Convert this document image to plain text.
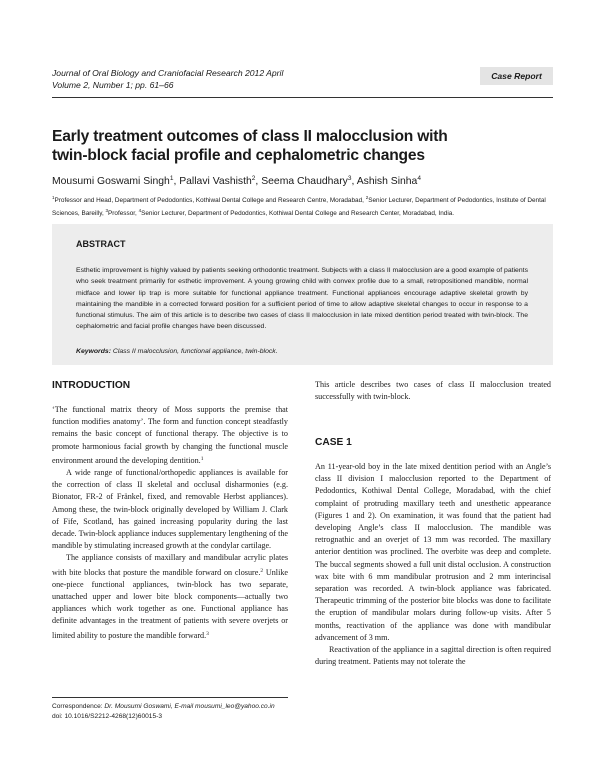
Journal of Oral Biology and Craniofacial Research 2012 April
Volume 2, Number 1; pp. 61–66
Case Report
Early treatment outcomes of class II malocclusion with
twin-block facial profile and cephalometric changes
Mousumi Goswami Singh$^1$, Pallavi Vashisth$^2$, Seema Chaudhary$^3$, Ashish Sinha$^4$
$^1$Professor and Head, Department of Pedodontics, Kothiwal Dental College and Research Centre, Moradabad, $^2$Senior Lecturer, Department of Pedodontics, Institute of Dental Sciences, Bareilly, $^3$Professor, $^4$Senior Lecturer, Department of Pedodontics, Kothiwal Dental College and Research Center, Moradabad, India.
ABSTRACT
Esthetic improvement is highly valued by patients seeking orthodontic treatment. Subjects with a class II malocclusion are a good example of patients who seek treatment primarily for esthetic improvement. A young growing child with convex profile due to a small, retropositioned mandible, normal midface and lower lip trap is more suitable for functional appliance treatment. Functional appliances encourage adaptive skeletal growth by maintaining the mandible in a corrected forward position for a sufficient period of time to allow adaptive skeletal changes to occur in response to a functional stimulus. The aim of this article is to describe two cases of class II malocclusion in late mixed dentition period treated with twin-block. The cephalometric and facial profile changes have been discussed.
Keywords: Class II malocclusion, functional appliance, twin-block.
INTRODUCTION

‘The functional matrix theory of Moss supports the premise that function modifies anatomy’. The form and function concept steadfastly remains the basic concept of functional therapy. The objective is to promote harmonious facial growth by changing the functional muscle environment around the developing dentition.$^1$

A wide range of functional/orthopedic appliances is available for the correction of class II skeletal and occlusal disharmonies (e.g. Bionator, FR-2 of Fränkel, fixed, and removable Herbst appliances). Among these, the twin-block originally developed by William J. Clark of Fife, Scotland, has gained increasing popularity during the last decade. Twin-block appliance induces supplementary lengthening of the mandible by stimulating increased growth at the condylar cartilage.

The appliance consists of maxillary and mandibular acrylic plates with bite blocks that posture the mandible forward on closure.$^2$ Unlike one-piece functional appliances, twin-block has two separate, unattached upper and lower bite block components—actually two appliances which work together as one. Functional appliance has definite advantages in the treatment of patients with severe overjets or limited ability to posture the mandible forward.$^3$

This article describes two cases of class II malocclusion treated successfully with twin-block.
CASE 1

An 11-year-old boy in the late mixed dentition period with an Angle’s class II division I malocclusion reported to the Department of Pedodontics, Kothiwal Dental College, Moradabad, with the chief complaint of protruding maxillary teeth and unesthetic appearance (Figures 1 and 2). On examination, it was found that the patient had developing Angle’s class II malocclusion. The mandible was retrognathic and an overjet of 13 mm was recorded. The maxillary anterior dentition was proclined. The overbite was deep and complete. The buccal segments showed a full unit distal occlusion. A construction wax bite with 6 mm mandibular protrusion and 2 mm interincisal separation was recorded. A twin-block appliance was fabricated. Therapeutic trimming of the posterior bite blocks was done to facilitate the eruption of mandibular molars during follow-up visits. After 5 months, reactivation of the appliance was done with mandibular advancement of 3 mm.

Reactivation of the appliance in a sagittal direction is often required during treatment. Patients may not tolerate the

Correspondence: Dr. Mousumi Goswami, E-mail mousumi_leo@yahoo.co.in
doi: 10.1016/S2212-4268(12)60015-3
